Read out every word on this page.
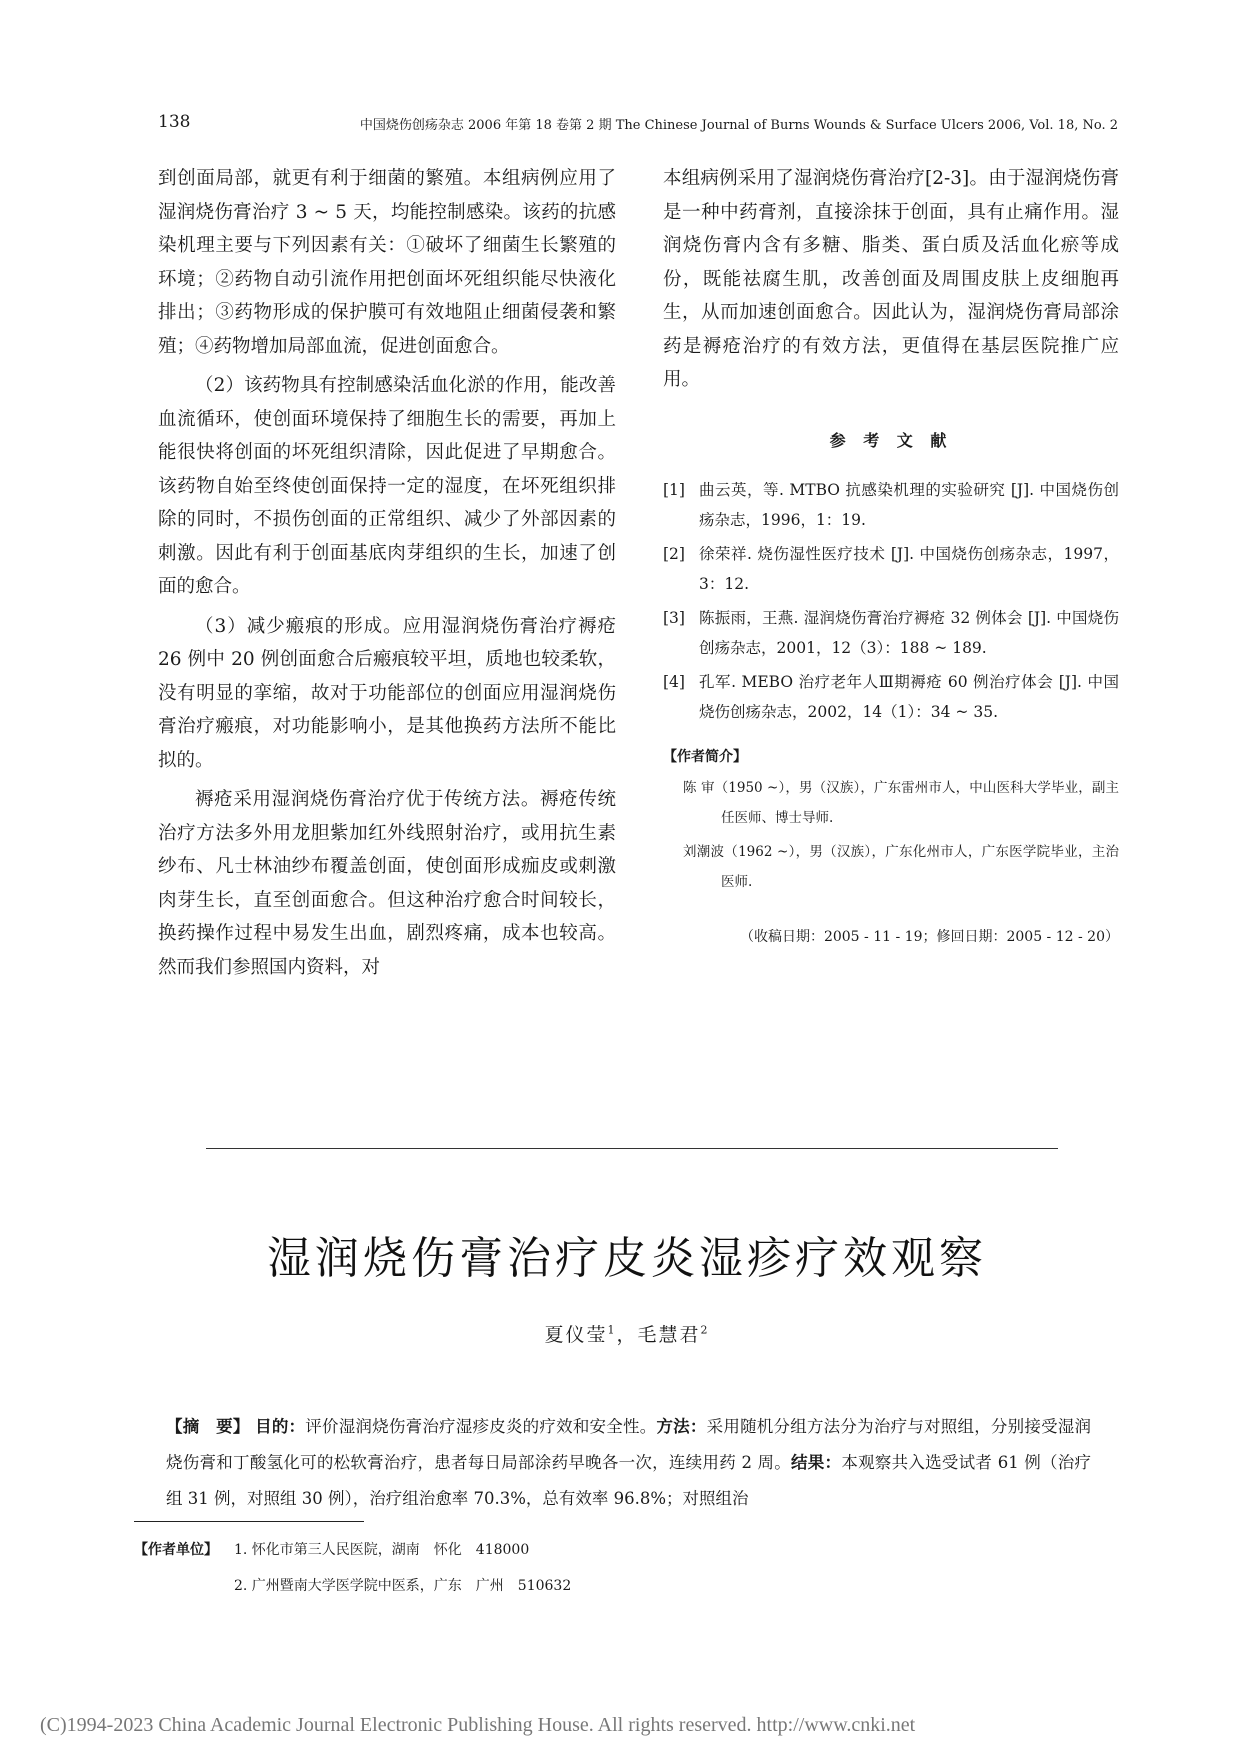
138	中国烧伤创疡杂志 2006 年第 18 卷第 2 期 The Chinese Journal of Burns Wounds & Surface Ulcers 2006, Vol. 18, No. 2

到创面局部，就更有利于细菌的繁殖。本组病例应用了湿润烧伤膏治疗 3 ~ 5 天，均能控制感染。该药的抗感染机理主要与下列因素有关：①破坏了细菌生长繁殖的环境；②药物自动引流作用把创面坏死组织能尽快液化排出；③药物形成的保护膜可有效地阻止细菌侵袭和繁殖；④药物增加局部血流，促进创面愈合。

（2）该药物具有控制感染活血化淤的作用，能改善血流循环，使创面环境保持了细胞生长的需要，再加上能很快将创面的坏死组织清除，因此促进了早期愈合。该药物自始至终使创面保持一定的湿度，在坏死组织排除的同时，不损伤创面的正常组织、减少了外部因素的刺激。因此有利于创面基底肉芽组织的生长，加速了创面的愈合。

（3）减少瘢痕的形成。应用湿润烧伤膏治疗褥疮 26 例中 20 例创面愈合后瘢痕较平坦，质地也较柔软，没有明显的挛缩，故对于功能部位的创面应用湿润烧伤膏治疗瘢痕，对功能影响小，是其他换药方法所不能比拟的。

褥疮采用湿润烧伤膏治疗优于传统方法。褥疮传统治疗方法多外用龙胆紫加红外线照射治疗，或用抗生素纱布、凡士林油纱布覆盖创面，使创面形成痂皮或刺激肉芽生长，直至创面愈合。但这种治疗愈合时间较长，换药操作过程中易发生出血，剧烈疼痛，成本也较高。然而我们参照国内资料，对

本组病例采用了湿润烧伤膏治疗[2-3]。由于湿润烧伤膏是一种中药膏剂，直接涂抹于创面，具有止痛作用。湿润烧伤膏内含有多糖、脂类、蛋白质及活血化瘀等成份，既能祛腐生肌，改善创面及周围皮肤上皮细胞再生，从而加速创面愈合。因此认为，湿润烧伤膏局部涂药是褥疮治疗的有效方法，更值得在基层医院推广应用。

参 考 文 献
[1] 曲云英，等. MTBO 抗感染机理的实验研究 [J]. 中国烧伤创疡杂志，1996，1：19.
[2] 徐荣祥. 烧伤湿性医疗技术 [J]. 中国烧伤创疡杂志，1997，3：12.
[3] 陈振雨，王燕. 湿润烧伤膏治疗褥疮 32 例体会 [J]. 中国烧伤创疡杂志，2001，12（3）：188 ~ 189.
[4] 孔军. MEBO 治疗老年人Ⅲ期褥疮 60 例治疗体会 [J]. 中国烧伤创疡杂志，2002，14（1）：34 ~ 35.
【作者简介】
陈 审（1950 ~），男（汉族），广东雷州市人，中山医科大学毕业，副主任医师、博士导师.
刘潮波（1962 ~），男（汉族），广东化州市人，广东医学院毕业，主治医师.
（收稿日期：2005 - 11 - 19；修回日期：2005 - 12 - 20）
湿润烧伤膏治疗皮炎湿疹疗效观察
夏仪莹$^1$，毛慧君$^2$
【摘　要】 目的：评价湿润烧伤膏治疗湿疹皮炎的疗效和安全性。方法：采用随机分组方法分为治疗与对照组，分别接受湿润烧伤膏和丁酸氢化可的松软膏治疗，患者每日局部涂药早晚各一次，连续用药 2 周。结果：本观察共入选受试者 61 例（治疗组 31 例，对照组 30 例），治疗组治愈率 70.3%，总有效率 96.8%；对照组治
【作者单位】	1. 怀化市第三人民医院，湖南　怀化　418000
2. 广州暨南大学医学院中医系，广东　广州　510632
(C)1994-2023 China Academic Journal Electronic Publishing House. All rights reserved. http://www.cnki.net
